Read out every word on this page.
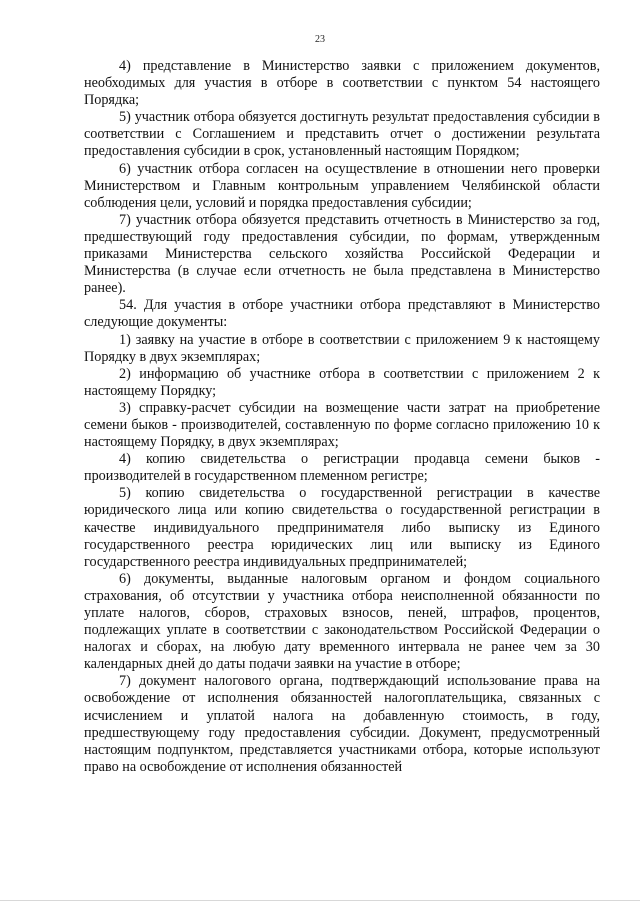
23

4) представление в Министерство заявки с приложением документов, необходимых для участия в отборе в соответствии с пунктом 54 настоящего Порядка;

5) участник отбора обязуется достигнуть результат предоставления субсидии в соответствии с Соглашением и представить отчет о достижении результата предоставления субсидии в срок, установленный настоящим Порядком;

6) участник отбора согласен на осуществление в отношении него проверки Министерством и Главным контрольным управлением Челябинской области соблюдения цели, условий и порядка предоставления субсидии;

7) участник отбора обязуется представить отчетность в Министерство за год, предшествующий году предоставления субсидии, по формам, утвержденным приказами Министерства сельского хозяйства Российской Федерации и Министерства (в случае если отчетность не была представлена в Министерство ранее).

54. Для участия в отборе участники отбора представляют в Министерство следующие документы:

1) заявку на участие в отборе в соответствии с приложением 9 к настоящему Порядку в двух экземплярах;

2) информацию об участнике отбора в соответствии с приложением 2 к настоящему Порядку;

3) справку-расчет субсидии на возмещение части затрат на приобретение семени быков - производителей, составленную по форме согласно приложению 10 к настоящему Порядку, в двух экземплярах;

4) копию свидетельства о регистрации продавца семени быков - производителей в государственном племенном регистре;

5) копию свидетельства о государственной регистрации в качестве юридического лица или копию свидетельства о государственной регистрации в качестве индивидуального предпринимателя либо выписку из Единого государственного реестра юридических лиц или выписку из Единого государственного реестра индивидуальных предпринимателей;

6) документы, выданные налоговым органом и фондом социального страхования, об отсутствии у участника отбора неисполненной обязанности по уплате налогов, сборов, страховых взносов, пеней, штрафов, процентов, подлежащих уплате в соответствии с законодательством Российской Федерации о налогах и сборах, на любую дату временного интервала не ранее чем за 30 календарных дней до даты подачи заявки на участие в отборе;

7) документ налогового органа, подтверждающий использование права на освобождение от исполнения обязанностей налогоплательщика, связанных с исчислением и уплатой налога на добавленную стоимость, в году, предшествующему году предоставления субсидии. Документ, предусмотренный настоящим подпунктом, представляется участниками отбора, которые используют право на освобождение от исполнения обязанностей
